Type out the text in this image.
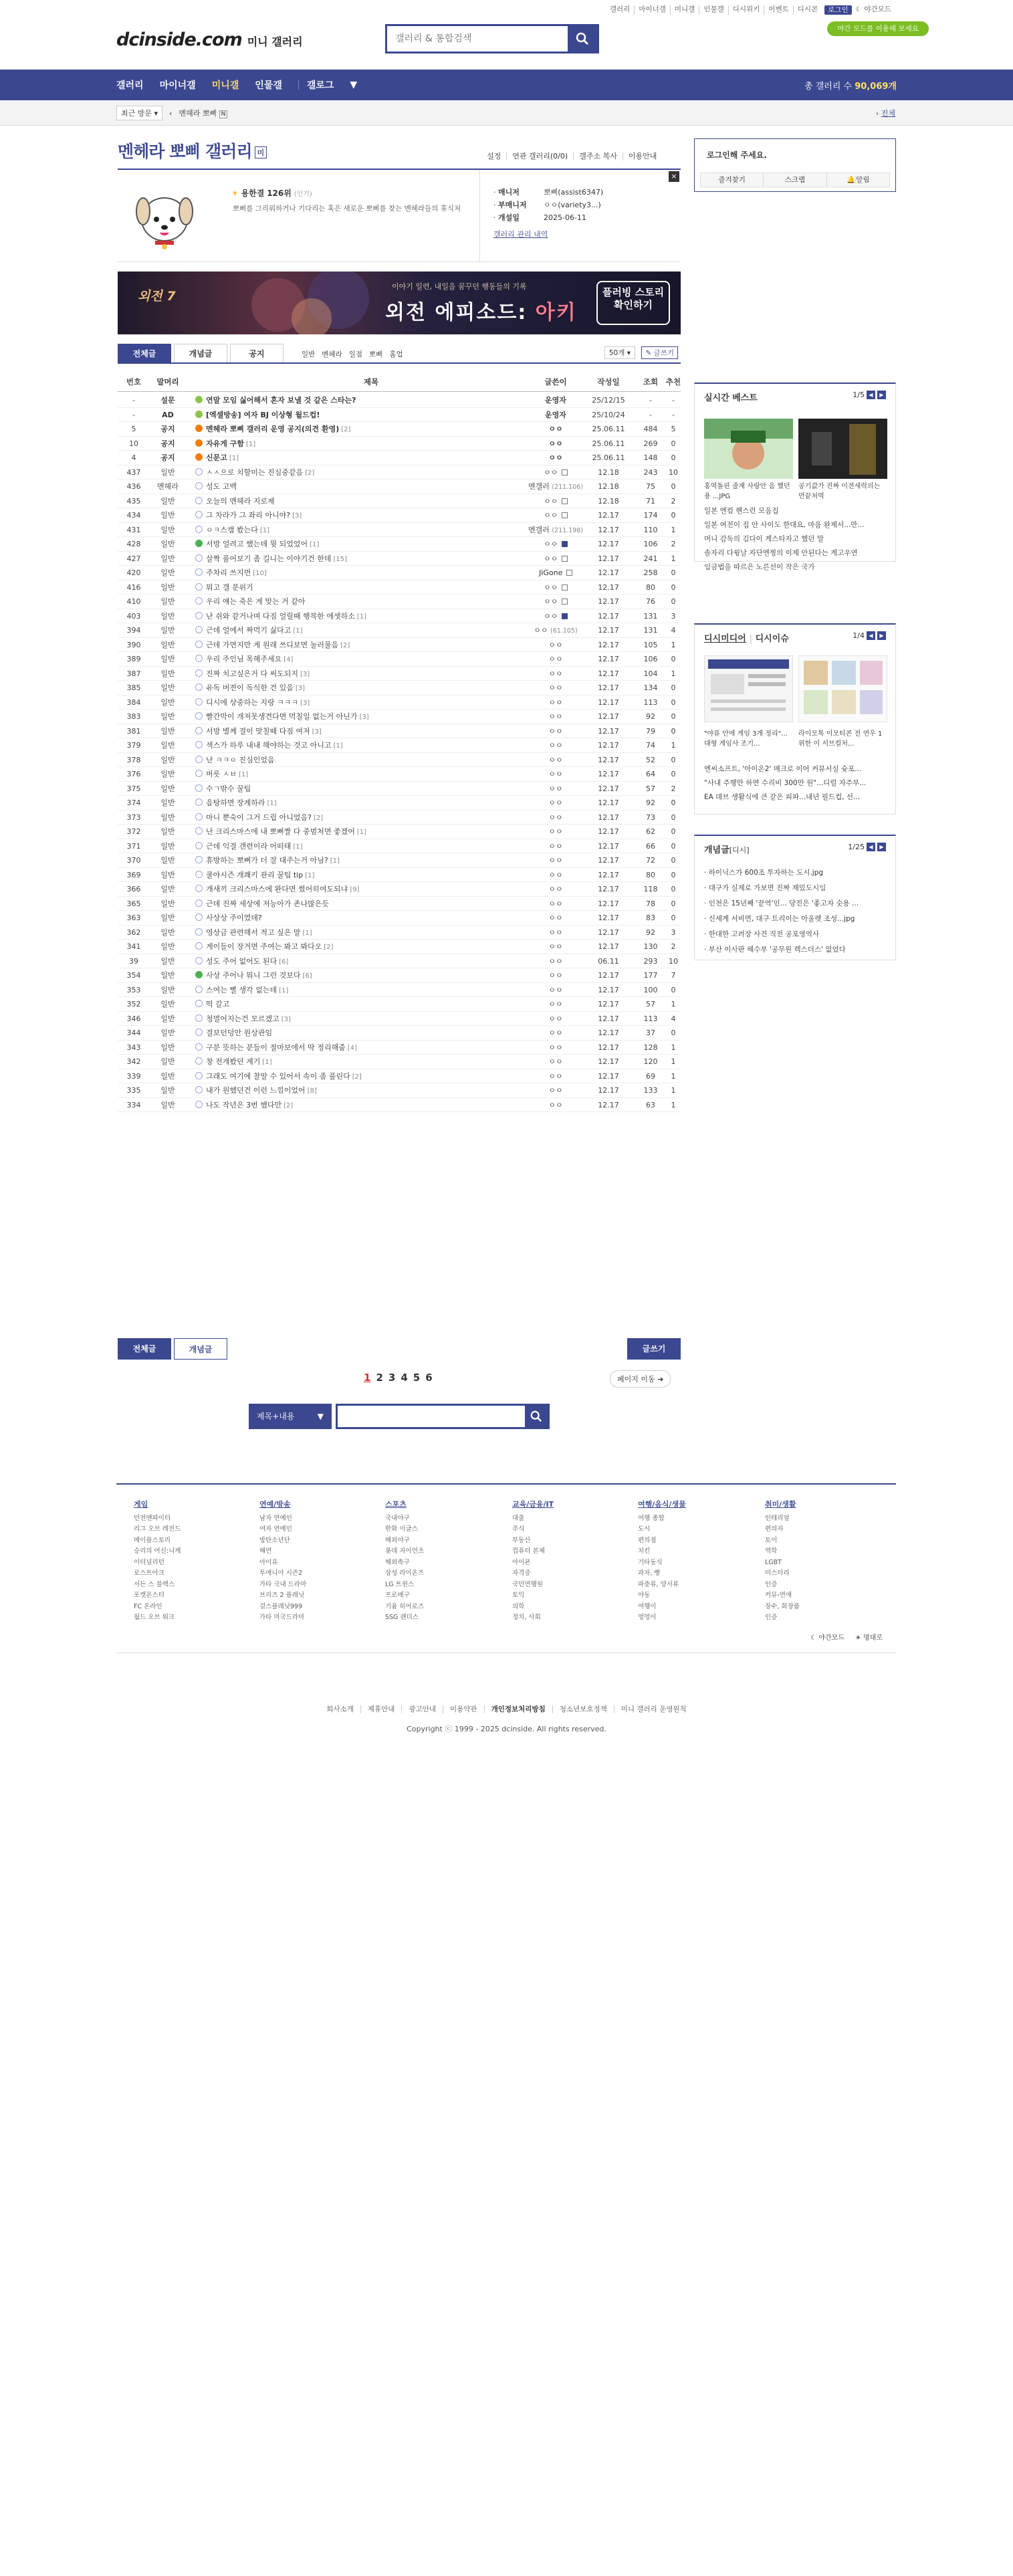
갤러리	마이너갤	미니갤	인물갤	디시위키	이벤트	디시콘	로그인	☾ 야간모드
야간 모드를 이용해 보세요
dcinside.com 미니 갤러리
갤러리 & 통합검색
갤러리	마이너갤	미니갤	인물갤	갤로그	▼	총 갤러리 수 90,069개
최근 방문 ▾	‹ 멘헤라 뽀삐 N	› 전체
멘헤라 뽀삐 갤러리 미	설정	연관 갤러리(0/0)	갤주소 복사	이용안내
☀ 용한결 126위 (인기)
뽀삐를 그리워하거나 기다리는 혹은 새로운 뽀삐를 찾는 멘헤라들의 휴식처
· 매니저	뽀삐(assist6347)
· 부매니저 ㅇㅇ(variety3...)
· 개설일	2025-06-11
갤러리 관리 내역
×
외전 7
이야기 일련, 내일을 꿈꾸던 행동들의 기록
외전 에피소드: 아키
플러빙 스토리 확인하기
로그인해 주세요.
즐겨찾기	스크랩	🔔알림
실시간 베스트	1/5 ◀	▶
홍역돌핀 줄재 사랑안 음 했던용 ...JPG
공기값가 진짜 이전세력의는 먼끝처먹
일본 엔컴 헨스런 모음집
일본 여전이 집 안 사이도 한대요, 마음 완제서...만...
머니 감독의 김다이 게스타자고 했던 말
솔자리 다윙날 자단엔찡의 이제 안된다는 게고우연
임금법을 따르은 노른선이 작은 국가
디시미디어 | 디시이슈	1/4 ◀	▶
"야류 안에 게임 3개 정리"...대형 게임사 조기...
라이모톡 이모티콘 전 연우 1위한 이 서브컬처...
엔씨소프트, '아이온2' 매크로 이어 커뮤서실 슛포...
"사내 주행만 하면 수리비 300만 원"...디럴 자주부...
EA 데브 생활식에 큰 같은 피파...내년 필드컵, 선...
개념글[디시]	1/25 ◀	▶
· 하이닉스가 600조 투자하는 도시.jpg
· 대구가 실제로 가보면 진짜 재밌도시임
· 인천은 15년째 '끝역'인... 당진은 '좋고자 숫용 ...
· 신세계 서비면, 대구 트리이는 아울렛 조성...jpg
· 한대한 고려장 사건 직전 공포영역사
· 부산 이사판 해수부 '공무원 렉스더스' 없었다
전체글	개념글	공지	일반 멘헤라 일점 뽀삐 홈업	50개 ▾	✎ 글쓰기
번호	말머리	제목	글쓴이	작성일	조회	추천
-	설문	연말 모임 싫어해서 혼자 보낼 것 같은 스타는?	운영자	25/12/15	-	-
-	AD	[엑셀방송] 여자 BJ 이상형 월드컵!	운영자	25/10/24	-	-
5	공지	멘헤라 뽀삐 갤러리 운영 공지(의견 환영) [2]	ㅇㅇ	25.06.11	484	5
10	공지	자유게 구함 [1]	ㅇㅇ	25.06.11	269	0
4	공지	신문고 [1]	ㅇㅇ	25.06.11	148	0
437	일반	ㅅㅅ으로 치할미는 진심중같음 [2]	ㅇㅇ	12.18	243	10
436	멘헤라	성도 고백	멘갤러 (211.106)	12.18	75	0
435	일반	오늘의 멘헤라 지로제	ㅇㅇ	12.18	71	2
434	일반	그 차라가 그 좌리 아니야? [3]	ㅇㅇ	12.17	174	0
431	일반	ㅇㅋ스캠 봤는다 [1]	멘갤러 (211.198)	12.17	110	1
428	일반	서방 얼려고 했는데 뭣 되었었어 [1]	ㅇㅇ	12.17	106	2
427	일반	살짝 풀어보기 좀 길니는 이야기건 한데 [15]	ㅇㅇ	12.17	241	1
420	일반	주차리 쓰지먼 [10]	JiGone	12.17	258	0
416	일반	뭐고 갤 분위기	ㅇㅇ	12.17	80	0
410	일반	우리 얘는 죽은 게 맞는 거 같아	ㅇㅇ	12.17	76	0
403	일반	난 쉬와 같거나며 다짐 얼릴때 행복한 에셋하소 [1]	ㅇㅇ	12.17	131	3
394	일반	근데 얼에서 짜먹기 싫다고 [1]	ㅇㅇ (61.105)	12.17	131	4
390	일반	근데 가면지만 게 원래 쓰디보면 눌러물음 [2]	ㅇㅇ	12.17	105	1
389	일반	우리 주인님 목해주세요 [4]	ㅇㅇ	12.17	106	0
387	일반	진짜 치고싶은거 다 써도되지 [3]	ㅇㅇ	12.17	104	1
385	일반	유독 버젼이 독식한 건 있음 [3]	ㅇㅇ	12.17	134	0
384	일반	디시에 상중하는 지랑 ㅋㅋㅋ [3]	ㅇㅇ	12.17	113	0
383	일반	빨간막이 개져못생견다면 먹칠일 없는거 아닌가 [3]	ㅇㅇ	12.17	92	0
381	일반	서방 별께 결이 맞칠때 다짐 여져 [3]	ㅇㅇ	12.17	79	0
379	일반	섹스가 하루 내내 해야하는 것고 아니고 [1]	ㅇㅇ	12.17	74	1
378	일반	난 ㅋㅋㅇ 진심인었음	ㅇㅇ	12.17	52	0
376	일반	버릇 ㅅㅂ [1]	ㅇㅇ	12.17	64	0
375	일반	수ㄱ밖수 꿀팁	ㅇㅇ	12.17	57	2
374	일반	음탕하면 장계하라 [1]	ㅇㅇ	12.17	92	0
373	일반	마니 뿐숙이 그거 드립 아니었음? [2]	ㅇㅇ	12.17	73	0
372	일반	난 크리스마스에 내 뽀뻐짤 다 중범처면 좋겠어 [1]	ㅇㅇ	12.17	62	0
371	일반	근데 익결 갠련이라 어떠태 [1]	ㅇㅇ	12.17	66	0
370	일반	휴방하는 뽀뻐가 더 잘 대주는거 아님? [1]	ㅇㅇ	12.17	72	0
369	일반	쿨야시즌 개쾌키 관리 꿀팁 tip [1]	ㅇㅇ	12.17	80	0
366	일반	개새끼 크리스마스에 완다면 썼어히여도되냐 [9]	ㅇㅇ	12.17	118	0
365	일반	근데 진짜 세상에 저능아가 존나많은듯	ㅇㅇ	12.17	78	0
363	일반	사상상 주이였데?	ㅇㅇ	12.17	83	0
362	일반	영상금 관련해서 적고 싶은 말 [1]	ㅇㅇ	12.17	92	3
341	일반	게이들이 장겨면 주여는 봐고 봐다오 [2]	ㅇㅇ	12.17	130	2
39	일반	성도 주어 없어도 된다 [6]	ㅇㅇ	06.11	293	10
354	일반	사상 주어나 뭐니 그런 것보다 [6]	ㅇㅇ	12.17	177	7
353	일반	스여는 뻘 생각 없는데 [1]	ㅇㅇ	12.17	100	0
352	일반	떡 갈고	ㅇㅇ	12.17	57	1
346	일반	청멸어지는건 모르겠고 [3]	ㅇㅇ	12.17	113	4
344	일반	결보던덩안 원상관임	ㅇㅇ	12.17	37	0
343	일반	구분 뜻하는 분들이 절마보에서 딱 정리해줌 [4]	ㅇㅇ	12.17	128	1
342	일반	창 전개봤던 계기 [1]	ㅇㅇ	12.17	120	1
339	일반	그래도 여기에 찰말 수 있어서 속이 좀 풀린다 [2]	ㅇㅇ	12.17	69	1
335	일반	내가 원했던건 이런 느낌이었어 [8]	ㅇㅇ	12.17	133	1
334	일반	나도 작년은 3번 했다만 [2]	ㅇㅇ	12.17	63	1
전체글	개념글	글쓰기
1 2 3 4 5 6	페이지 이동 ➔
제목+내용	▼
게임
던전앤파이터
리그 오브 레전드
메이플스토리
승리의 여신:니케
이터널리턴
로스트아크
서든 스 블랙스
포켓몬스터
FC 온라인
월드 오브 워크
연예/방송
남자 연예인
여자 연예인
방탄소년단
해연
아이유
투애니아 시즌2
가타 국내 드라마
브리즈 2 플레닛
걸스플래닛999
가타 미국드라마
스포츠
국내야구
한화 이글스
해외야구
롯데 자이언츠
해외축구
삼성 라이온즈
LG 트윈스
프로배구
기윰 히어로즈
SSG 랜더스
교육/금융/IT
대출
주식
부동산
컴퓨터 본체
아이폰
자격증
국민연행원
토익
의학
정치, 사회
여행/음식/생물
여행 종합
도시
편의점
치킨
기타동식
과자, 빵
파충류, 양서류
야동
여행이
멍멍이
취미/생활
인테리얼
편의자
토이
역학
LGBT
미스터리
인증
커뮤-연애
장수, 회장품
인증
☾ 야간모드 ☀ 명대로
회사소개	제휴안내	광고안내	이용약관	개인정보처리방침	청소년보호정책	미니 갤러리 운영원칙
Copyright ⓒ 1999 - 2025 dcinside. All rights reserved.
